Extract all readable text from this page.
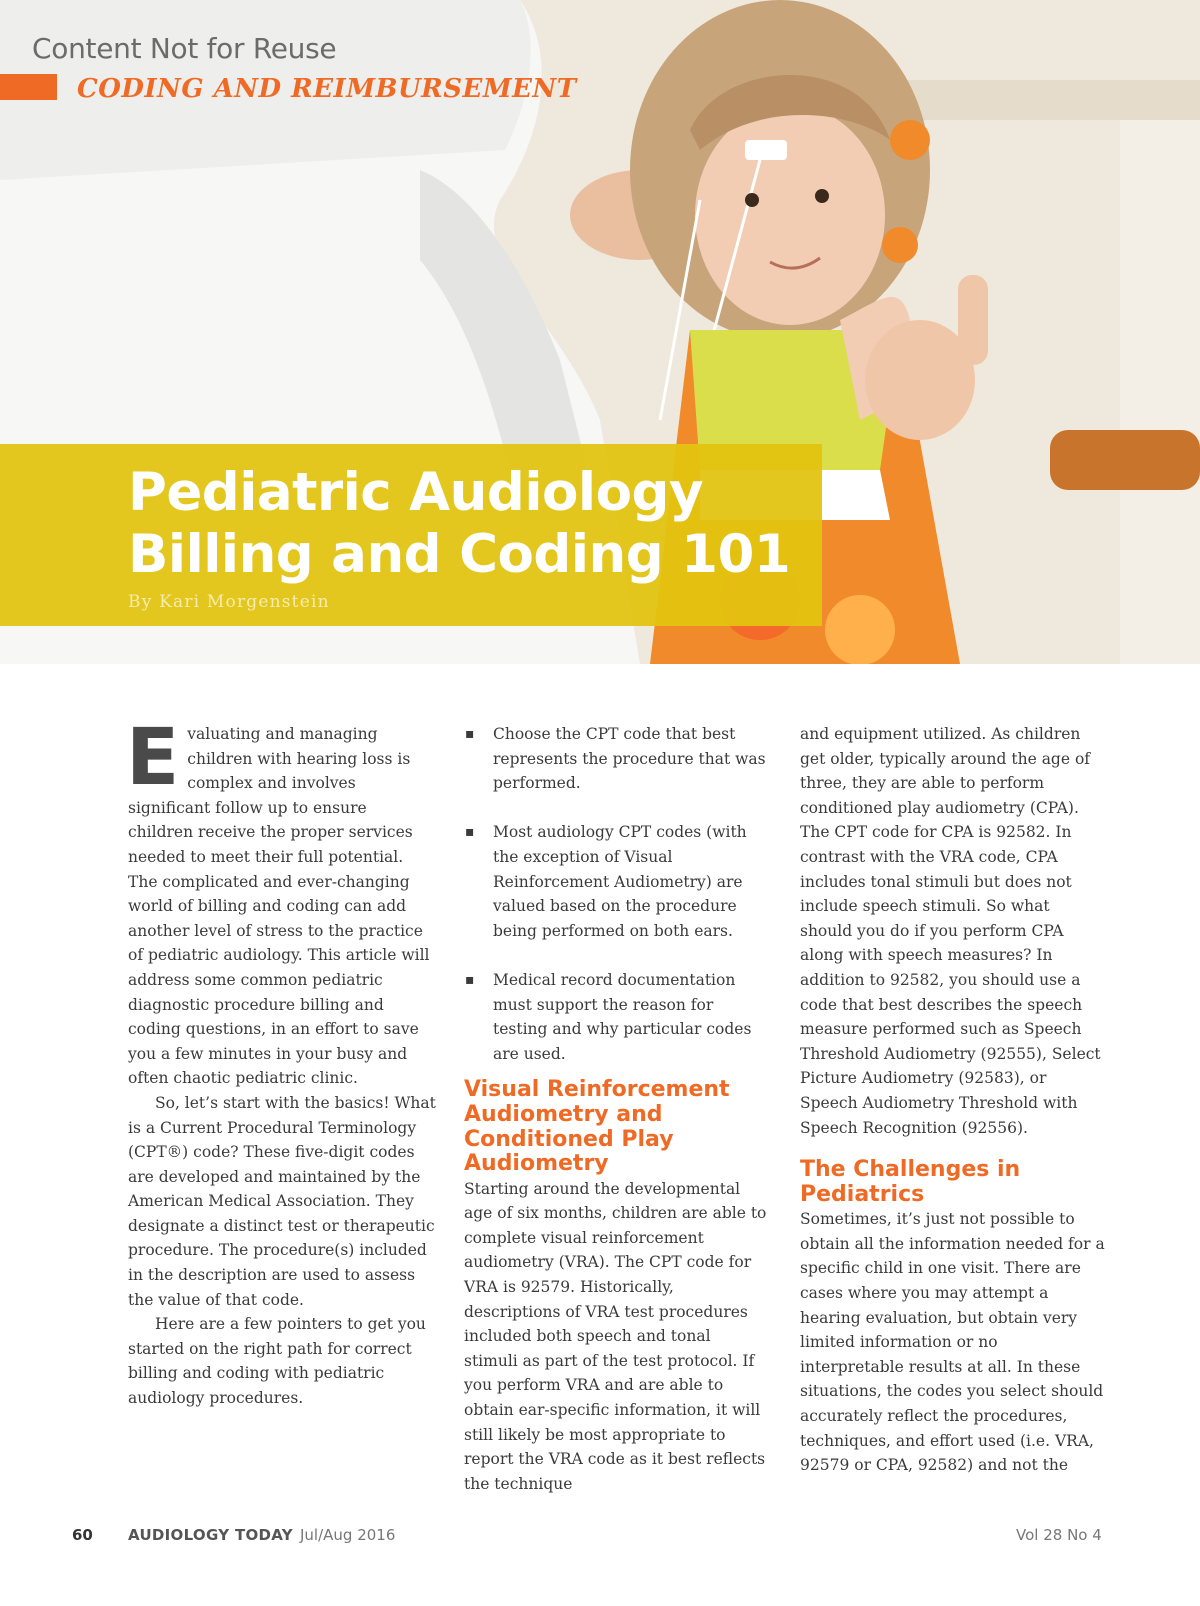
Content Not for Reuse
CODING AND REIMBURSEMENT
Pediatric Audiology
Billing and Coding 101
By Kari Morgenstein

Evaluating and managing children with hearing loss is complex and involves significant follow up to ensure children receive the proper services needed to meet their full potential. The complicated and ever-changing world of billing and coding can add another level of stress to the practice of pediatric audiology. This article will address some common pediatric diagnostic procedure billing and coding questions, in an effort to save you a few minutes in your busy and often chaotic pediatric clinic.

So, let’s start with the basics! What is a Current Procedural Terminology (CPT®) code? These five-digit codes are developed and maintained by the American Medical Association. They designate a distinct test or therapeutic procedure. The procedure(s) included in the description are used to assess the value of that code.

Here are a few pointers to get you started on the right path for correct billing and coding with pediatric audiology procedures.

▪ Choose the CPT code that best represents the procedure that was performed.
▪ Most audiology CPT codes (with the exception of Visual Reinforcement Audiometry) are valued based on the procedure being performed on both ears.
▪ Medical record documentation must support the reason for testing and why particular codes are used.
Visual Reinforcement Audiometry and Conditioned Play Audiometry

Starting around the developmental age of six months, children are able to complete visual reinforcement audiometry (VRA). The CPT code for VRA is 92579. Historically, descriptions of VRA test procedures included both speech and tonal stimuli as part of the test protocol. If you perform VRA and are able to obtain ear-specific information, it will still likely be most appropriate to report the VRA code as it best reflects the technique

and equipment utilized. As children get older, typically around the age of three, they are able to perform conditioned play audiometry (CPA). The CPT code for CPA is 92582. In contrast with the VRA code, CPA includes tonal stimuli but does not include speech stimuli. So what should you do if you perform CPA along with speech measures? In addition to 92582, you should use a code that best describes the speech measure performed such as Speech Threshold Audiometry (92555), Select Picture Audiometry (92583), or Speech Audiometry Threshold with Speech Recognition (92556).

The Challenges in Pediatrics

Sometimes, it’s just not possible to obtain all the information needed for a specific child in one visit. There are cases where you may attempt a hearing evaluation, but obtain very limited information or no interpretable results at all. In these situations, the codes you select should accurately reflect the procedures, techniques, and effort used (i.e. VRA, 92579 or CPA, 92582) and not the

60 AUDIOLOGY TODAY Jul/Aug 2016	Vol 28 No 4
